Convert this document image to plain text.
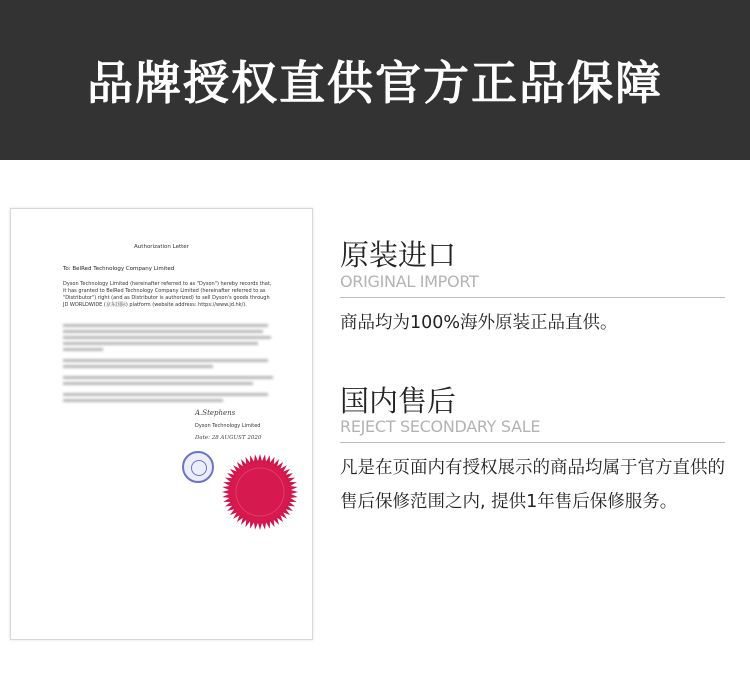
品牌授权直供官方正品保障
Authorization Letter
To: BelRed Technology Company Limited
Dyson Technology Limited (hereinafter referred to as "Dyson") hereby records that, it has granted to BelRed Technology Company Limited (hereinafter referred to as "Distributor") right (and as Distributor is authorized) to sell Dyson's goods through JD WORLDWIDE (京东国际) platform (website address: https://www.jd.hk/).
A.Stephens
Dyson Technology Limited
Date: 28 AUGUST 2020
原装进口
ORIGINAL IMPORT
商品均为100%海外原装正品直供。
国内售后
REJECT SECONDARY SALE
凡是在页面内有授权展示的商品均属于官方直供的售后保修范围之内, 提供1年售后保修服务。
